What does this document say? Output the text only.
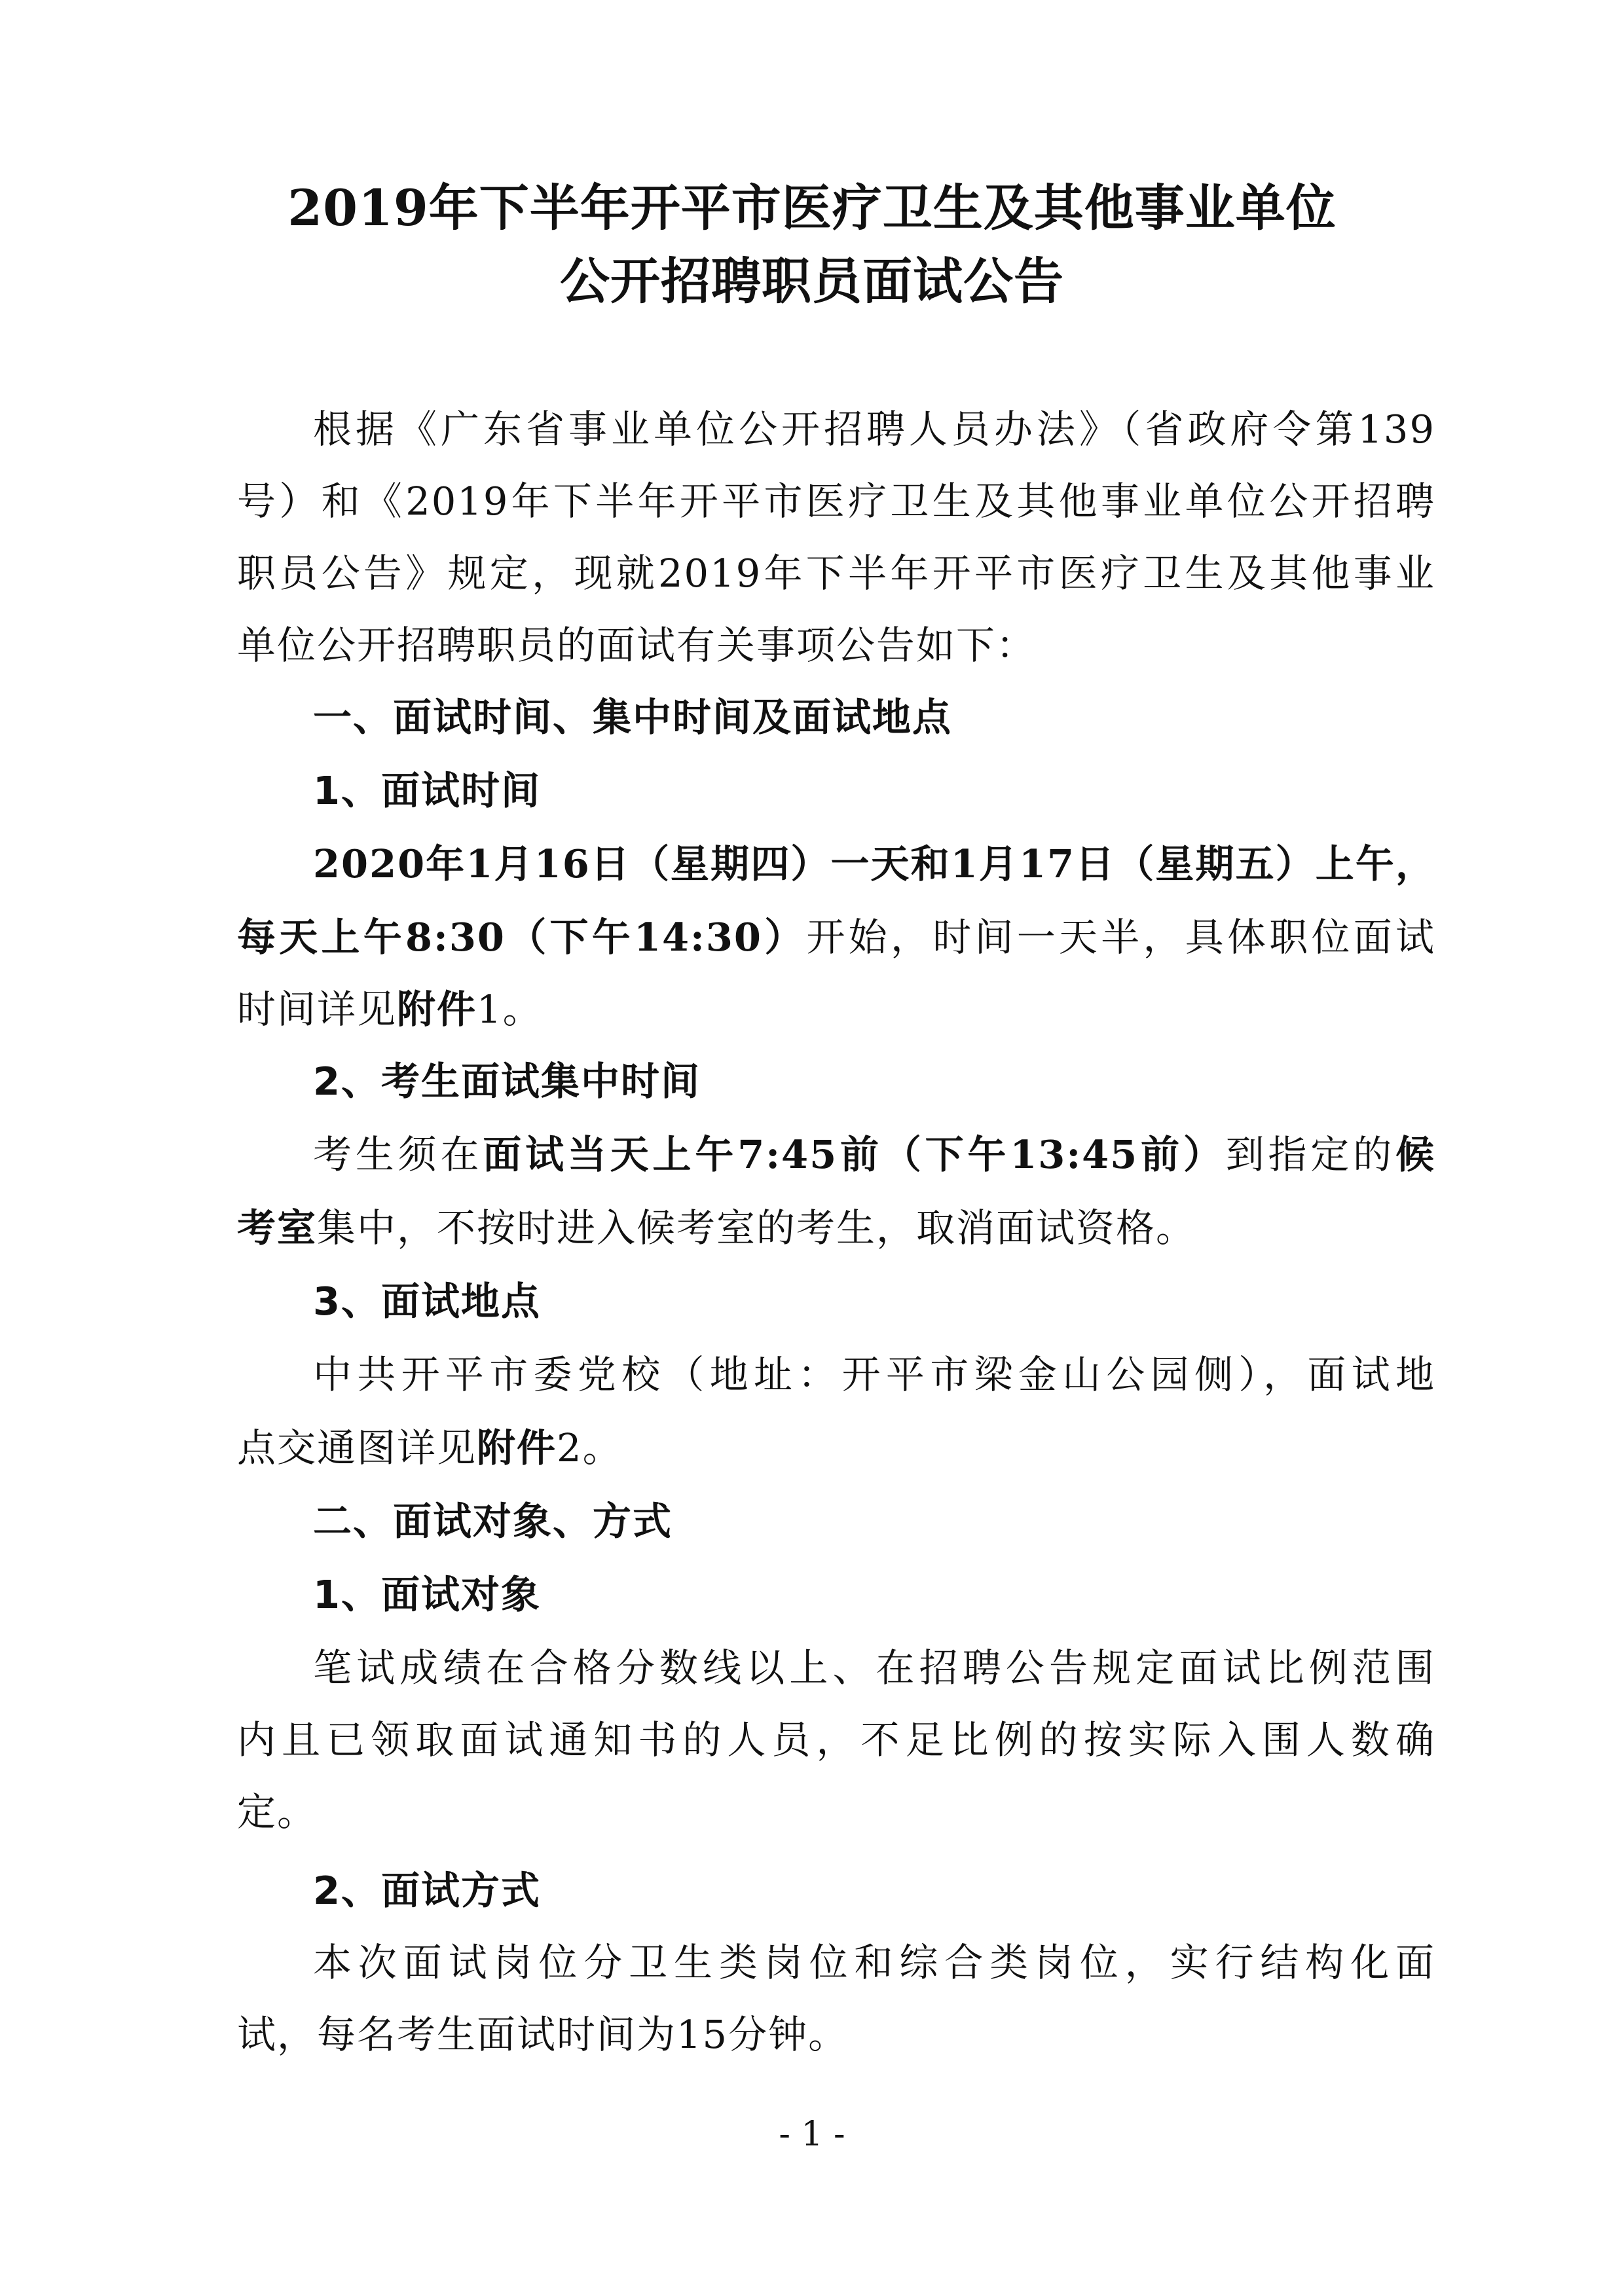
2019年下半年开平市医疗卫生及其他事业单位
公开招聘职员面试公告
根据《广东省事业单位公开招聘人员办法》（省政府令第139
号）和《2019年下半年开平市医疗卫生及其他事业单位公开招聘
职员公告》规定，现就2019年下半年开平市医疗卫生及其他事业
单位公开招聘职员的面试有关事项公告如下：
一、面试时间、集中时间及面试地点
1、面试时间
2020年1月16日（星期四）一天和1月17日（星期五）上午，
每天上午8:30（下午14:30）开始，时间一天半，具体职位面试
时间详见附件1。
2、考生面试集中时间
考生须在面试当天上午7:45前（下午13:45前）到指定的候
考室集中，不按时进入候考室的考生，取消面试资格。
3、面试地点
中共开平市委党校（地址：开平市梁金山公园侧），面试地
点交通图详见附件2。
二、面试对象、方式
1、面试对象
笔试成绩在合格分数线以上、在招聘公告规定面试比例范围
内且已领取面试通知书的人员，不足比例的按实际入围人数确
定。
2、面试方式
本次面试岗位分卫生类岗位和综合类岗位，实行结构化面
试，每名考生面试时间为15分钟。
- 1 -
